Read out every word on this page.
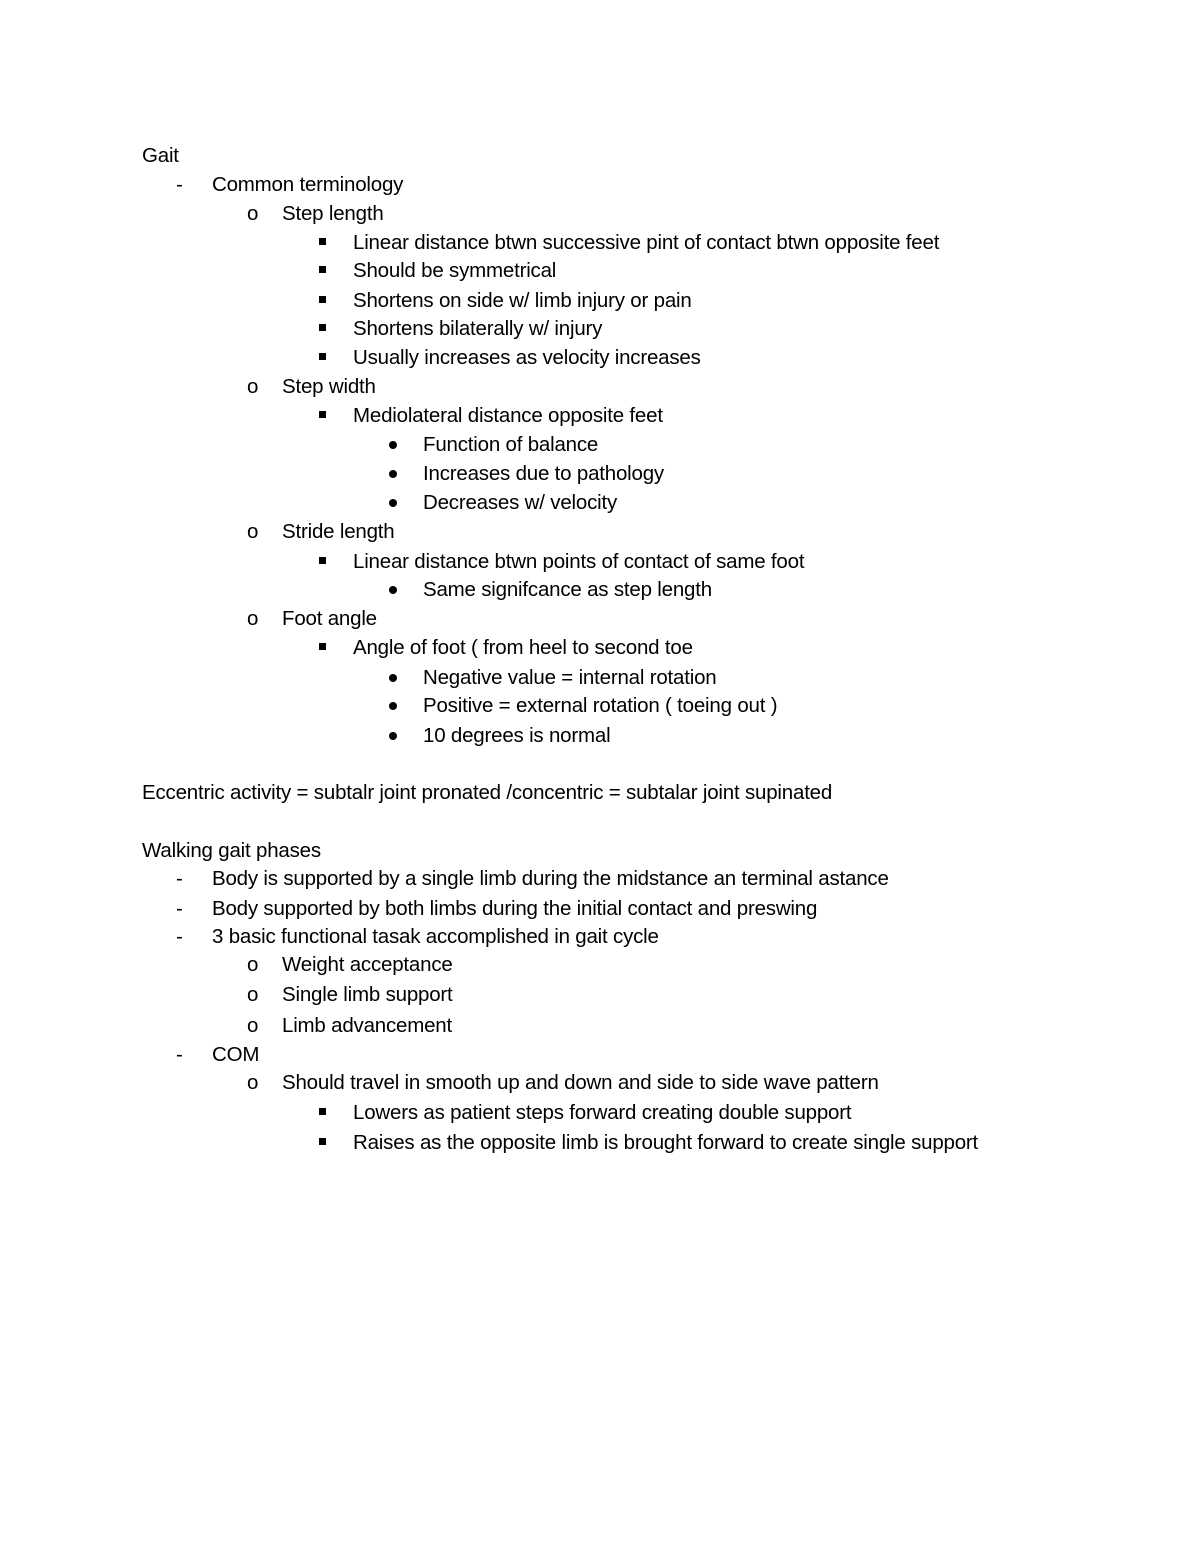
Gait
- Common terminology
o Step length
Linear distance btwn successive pint of contact btwn opposite feet
Should be symmetrical
Shortens on side w/ limb injury or pain
Shortens bilaterally w/ injury
Usually increases as velocity increases
o Step width
Mediolateral distance opposite feet
Function of balance
Increases due to pathology
Decreases w/ velocity
o Stride length
Linear distance btwn points of contact of same foot
Same signifcance as step length
o Foot angle
Angle of foot ( from heel to second toe
Negative value = internal rotation
Positive = external rotation ( toeing out )
10 degrees is normal
Eccentric activity = subtalr joint pronated /concentric = subtalar joint supinated
Walking gait phases
- Body is supported by a single limb during the midstance an terminal astance
- Body supported by both limbs during the initial contact and preswing
- 3 basic functional tasak accomplished in gait cycle
o Weight acceptance
o Single limb support
o Limb advancement
- COM
o Should travel in smooth up and down and side to side wave pattern
Lowers as patient steps forward creating double support
Raises as the opposite limb is brought forward to create single support
